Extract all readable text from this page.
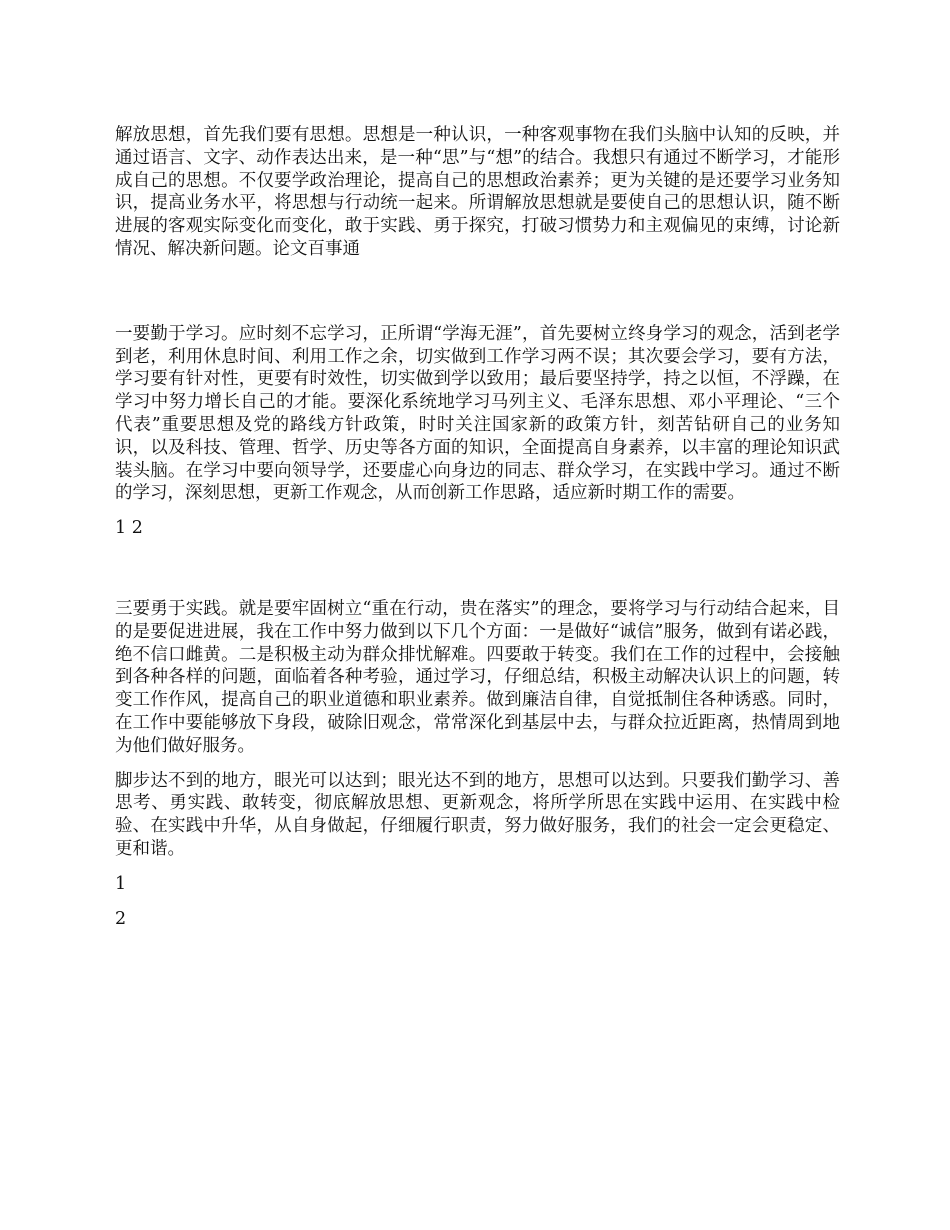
解放思想，首先我们要有思想。思想是一种认识，一种客观事物在我们头脑中认知的反映，并通过语言、文字、动作表达出来，是一种“思”与“想”的结合。我想只有通过不断学习，才能形成自己的思想。不仅要学政治理论，提高自己的思想政治素养；更为关键的是还要学习业务知识，提高业务水平，将思想与行动统一起来。所谓解放思想就是要使自己的思想认识，随不断进展的客观实际变化而变化，敢于实践、勇于探究，打破习惯势力和主观偏见的束缚，讨论新情况、解决新问题。论文百事通

一要勤于学习。应时刻不忘学习，正所谓“学海无涯”，首先要树立终身学习的观念，活到老学到老，利用休息时间、利用工作之余，切实做到工作学习两不误；其次要会学习，要有方法，学习要有针对性，更要有时效性，切实做到学以致用；最后要坚持学，持之以恒，不浮躁，在学习中努力增长自己的才能。要深化系统地学习马列主义、毛泽东思想、邓小平理论、“三个代表”重要思想及党的路线方针政策，时时关注国家新的政策方针，刻苦钻研自己的业务知识，以及科技、管理、哲学、历史等各方面的知识，全面提高自身素养，以丰富的理论知识武装头脑。在学习中要向领导学，还要虚心向身边的同志、群众学习，在实践中学习。通过不断的学习，深刻思想，更新工作观念，从而创新工作思路，适应新时期工作的需要。

1 2

三要勇于实践。就是要牢固树立“重在行动，贵在落实”的理念，要将学习与行动结合起来，目的是要促进进展，我在工作中努力做到以下几个方面：一是做好“诚信”服务，做到有诺必践，绝不信口雌黄。二是积极主动为群众排忧解难。四要敢于转变。我们在工作的过程中，会接触到各种各样的问题，面临着各种考验，通过学习，仔细总结，积极主动解决认识上的问题，转变工作作风，提高自己的职业道德和职业素养。做到廉洁自律，自觉抵制住各种诱惑。同时，在工作中要能够放下身段，破除旧观念，常常深化到基层中去，与群众拉近距离，热情周到地为他们做好服务。

脚步达不到的地方，眼光可以达到；眼光达不到的地方，思想可以达到。只要我们勤学习、善思考、勇实践、敢转变，彻底解放思想、更新观念，将所学所思在实践中运用、在实践中检验、在实践中升华，从自身做起，仔细履行职责，努力做好服务，我们的社会一定会更稳定、更和谐。

1

2
